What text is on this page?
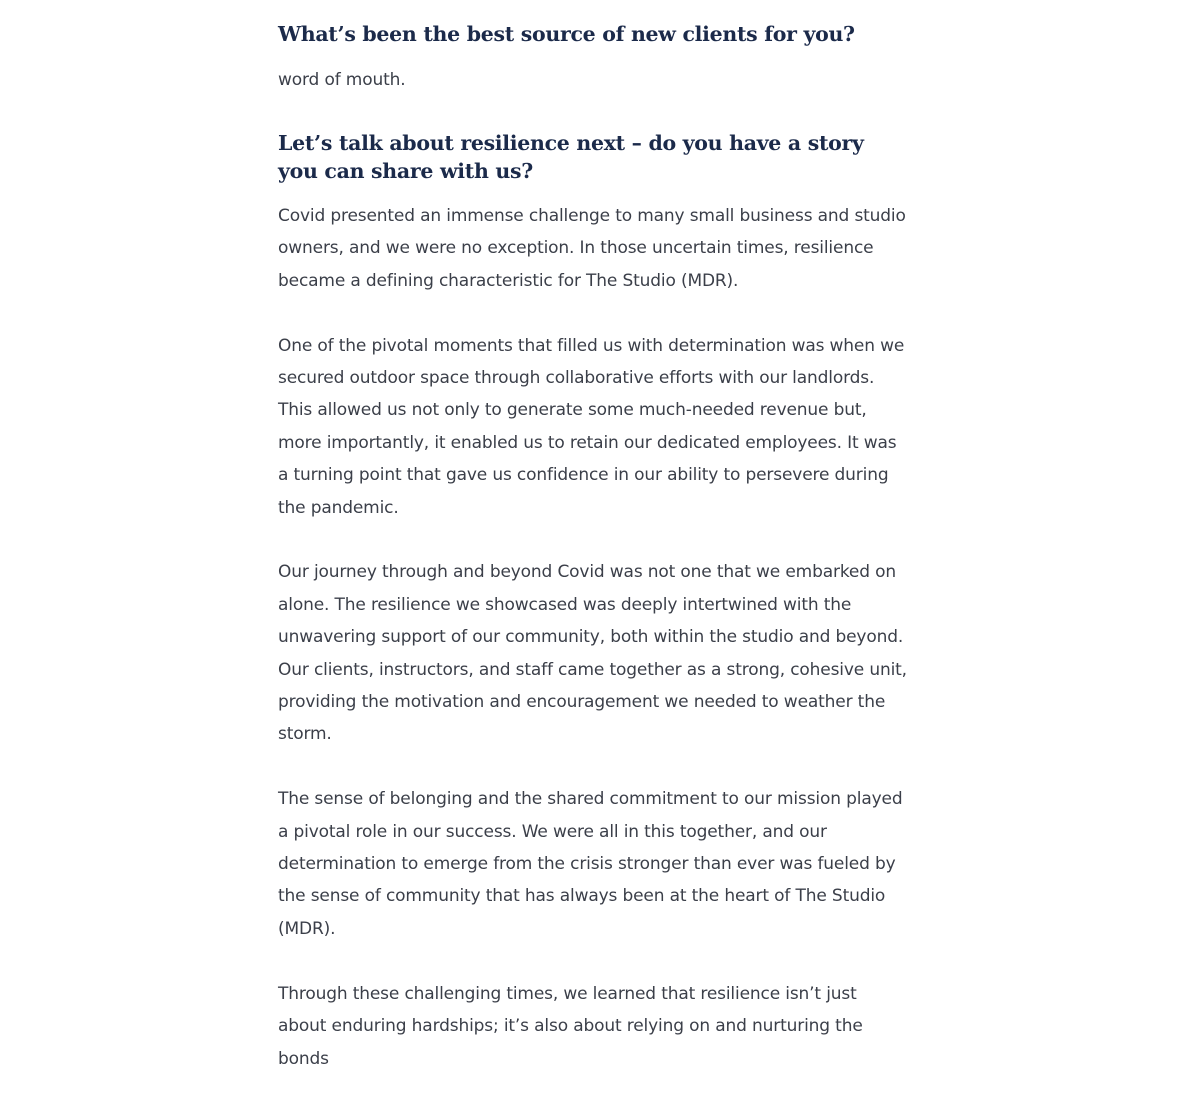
What’s been the best source of new clients for you?

word of mouth.

Let’s talk about resilience next – do you have a story you can share with us?

Covid presented an immense challenge to many small business and studio owners, and we were no exception. In those uncertain times, resilience became a defining characteristic for The Studio (MDR).

One of the pivotal moments that filled us with determination was when we secured outdoor space through collaborative efforts with our landlords. This allowed us not only to generate some much-needed revenue but, more importantly, it enabled us to retain our dedicated employees. It was a turning point that gave us confidence in our ability to persevere during the pandemic.

Our journey through and beyond Covid was not one that we embarked on alone. The resilience we showcased was deeply intertwined with the unwavering support of our community, both within the studio and beyond. Our clients, instructors, and staff came together as a strong, cohesive unit, providing the motivation and encouragement we needed to weather the storm.

The sense of belonging and the shared commitment to our mission played a pivotal role in our success. We were all in this together, and our determination to emerge from the crisis stronger than ever was fueled by the sense of community that has always been at the heart of The Studio (MDR).

Through these challenging times, we learned that resilience isn’t just about enduring hardships; it’s also about relying on and nurturing the bonds
